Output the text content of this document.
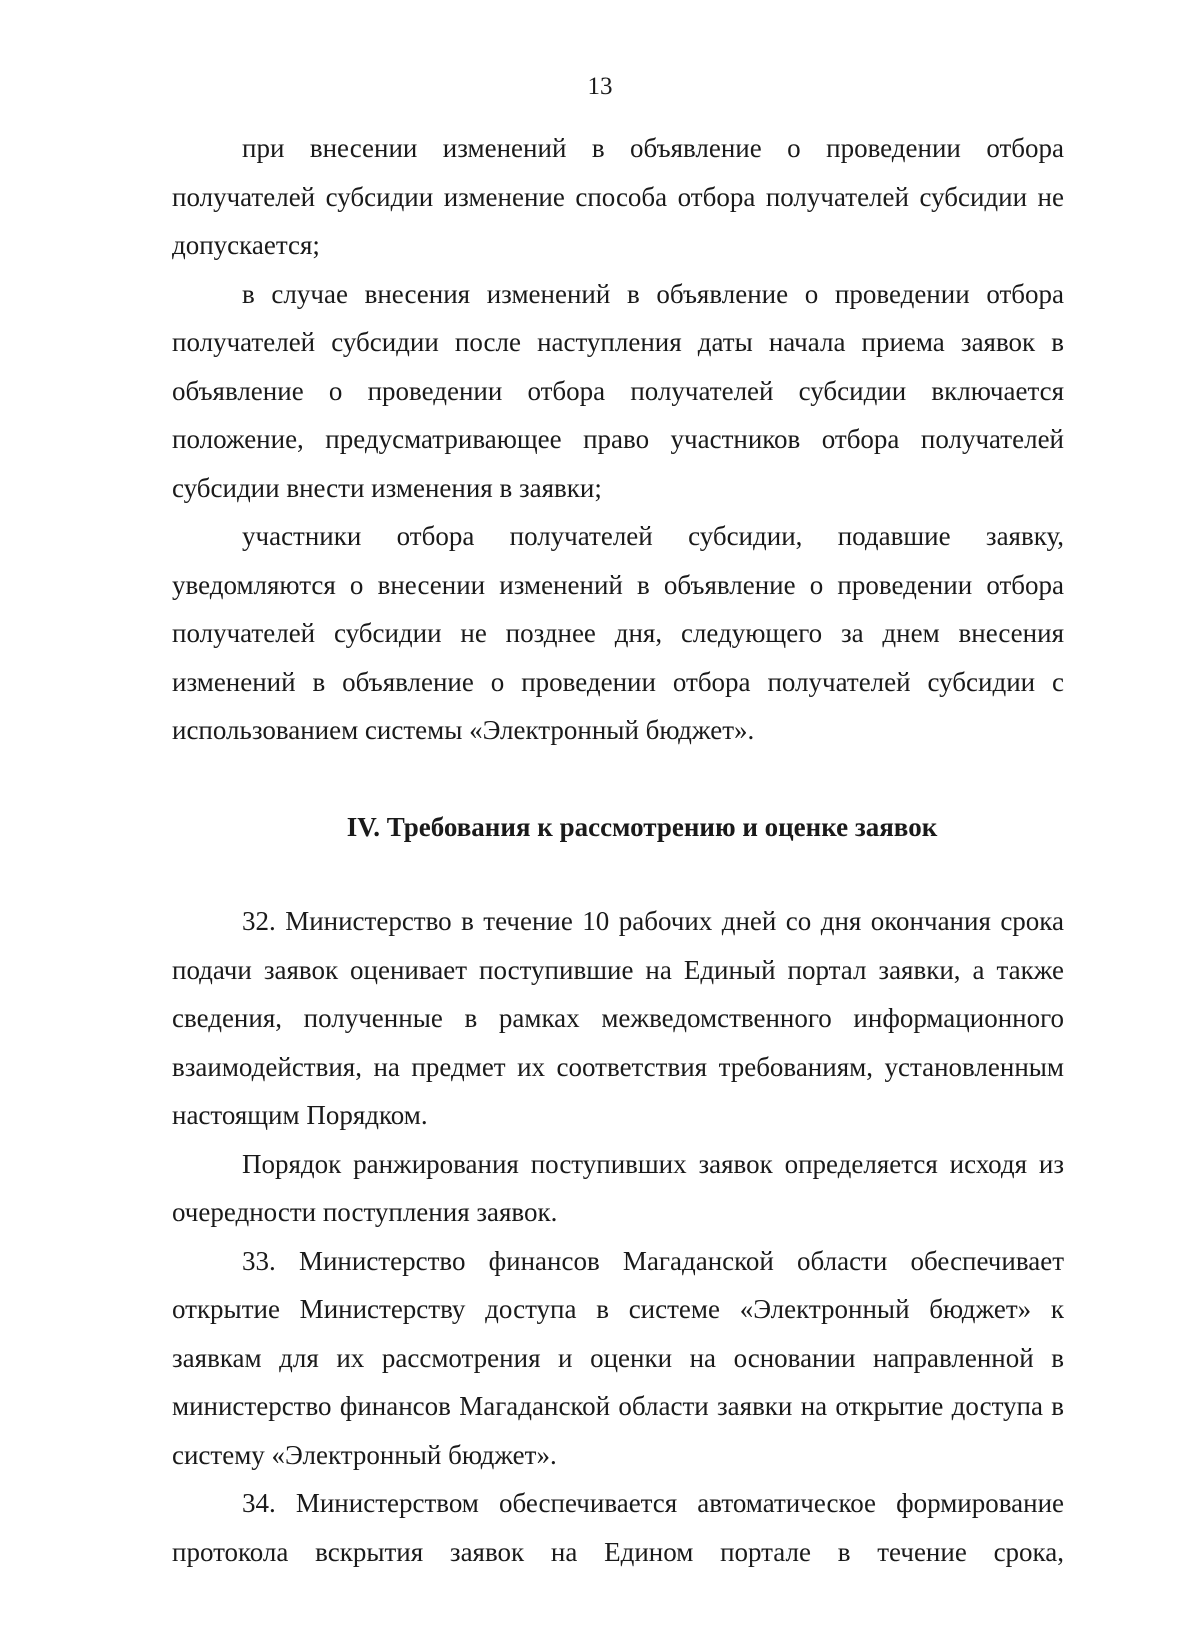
13

при внесении изменений в объявление о проведении отбора получателей субсидии изменение способа отбора получателей субсидии не допускается;

в случае внесения изменений в объявление о проведении отбора получателей субсидии после наступления даты начала приема заявок в объявление о проведении отбора получателей субсидии включается положение, предусматривающее право участников отбора получателей субсидии внести изменения в заявки;

участники отбора получателей субсидии, подавшие заявку, уведомляются о внесении изменений в объявление о проведении отбора получателей субсидии не позднее дня, следующего за днем внесения изменений в объявление о проведении отбора получателей субсидии с использованием системы «Электронный бюджет».

IV. Требования к рассмотрению и оценке заявок

32. Министерство в течение 10 рабочих дней со дня окончания срока подачи заявок оценивает поступившие на Единый портал заявки, а также сведения, полученные в рамках межведомственного информационного взаимодействия, на предмет их соответствия требованиям, установленным настоящим Порядком.

Порядок ранжирования поступивших заявок определяется исходя из очередности поступления заявок.

33. Министерство финансов Магаданской области обеспечивает открытие Министерству доступа в системе «Электронный бюджет» к заявкам для их рассмотрения и оценки на основании направленной в министерство финансов Магаданской области заявки на открытие доступа в систему «Электронный бюджет».

34. Министерством обеспечивается автоматическое формирование протокола вскрытия заявок на Едином портале в течение срока,
